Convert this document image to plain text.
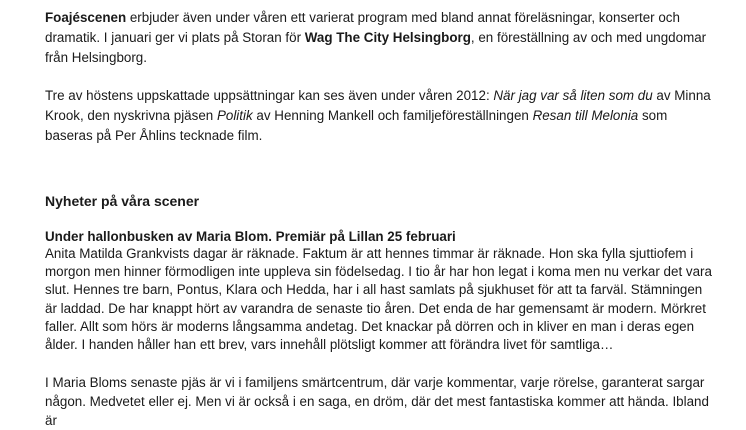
Foajéscenen erbjuder även under våren ett varierat program med bland annat föreläsningar, konserter och dramatik. I januari ger vi plats på Storan för Wag The City Helsingborg, en föreställning av och med ungdomar från Helsingborg.

Tre av höstens uppskattade uppsättningar kan ses även under våren 2012: När jag var så liten som du av Minna Krook, den nyskrivna pjäsen Politik av Henning Mankell och familjeföreställningen Resan till Melonia som baseras på Per Åhlins tecknade film.

Nyheter på våra scener
Under hallonbusken av Maria Blom. Premiär på Lillan 25 februari

Anita Matilda Grankvists dagar är räknade. Faktum är att hennes timmar är räknade. Hon ska fylla sjuttiofem i morgon men hinner förmodligen inte uppleva sin födelsedag. I tio år har hon legat i koma men nu verkar det vara slut. Hennes tre barn, Pontus, Klara och Hedda, har i all hast samlats på sjukhuset för att ta farväl. Stämningen är laddad. De har knappt hört av varandra de senaste tio åren. Det enda de har gemensamt är modern. Mörkret faller. Allt som hörs är moderns långsamma andetag. Det knackar på dörren och in kliver en man i deras egen ålder. I handen håller han ett brev, vars innehåll plötsligt kommer att förändra livet för samtliga…

I Maria Bloms senaste pjäs är vi i familjens smärtcentrum, där varje kommentar, varje rörelse, garanterat sargar någon. Medvetet eller ej. Men vi är också i en saga, en dröm, där det mest fantastiska kommer att hända. Ibland är
